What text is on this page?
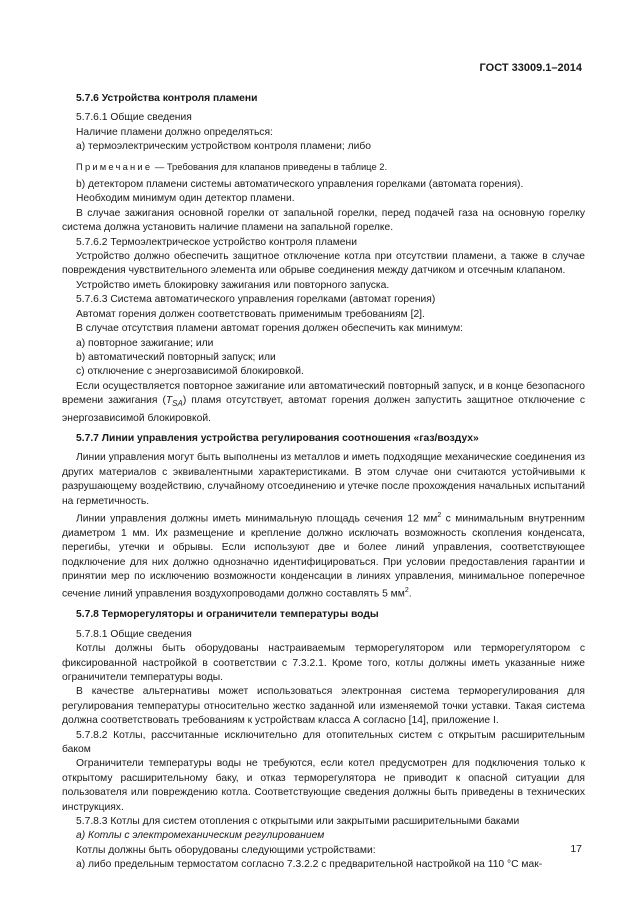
ГОСТ 33009.1–2014
5.7.6 Устройства контроля пламени

5.7.6.1 Общие сведения

Наличие пламени должно определяться:

a) термоэлектрическим устройством контроля пламени; либо

Примечание — Требования для клапанов приведены в таблице 2.

b) детектором пламени системы автоматического управления горелками (автомата горения).

Необходим минимум один детектор пламени.

В случае зажигания основной горелки от запальной горелки, перед подачей газа на основную горелку система должна установить наличие пламени на запальной горелке.

5.7.6.2 Термоэлектрическое устройство контроля пламени

Устройство должно обеспечить защитное отключение котла при отсутствии пламени, а также в случае повреждения чувствительного элемента или обрыве соединения между датчиком и отсечным клапаном.

Устройство иметь блокировку зажигания или повторного запуска.

5.7.6.3 Система автоматического управления горелками (автомат горения)

Автомат горения должен соответствовать применимым требованиям [2].

В случае отсутствия пламени автомат горения должен обеспечить как минимум:

a) повторное зажигание; или

b) автоматический повторный запуск; или

c) отключение с энергозависимой блокировкой.

Если осуществляется повторное зажигание или автоматический повторный запуск, и в конце безопасного времени зажигания $(T_{SA})$ пламя отсутствует, автомат горения должен запустить защитное отключение с энергозависимой блокировкой.

5.7.7 Линии управления устройства регулирования соотношения «газ/воздух»

Линии управления могут быть выполнены из металлов и иметь подходящие механические соединения из других материалов с эквивалентными характеристиками. В этом случае они считаются устойчивыми к разрушающему воздействию, случайному отсоединению и утечке после прохождения начальных испытаний на герметичность.

Линии управления должны иметь минимальную площадь сечения 12 $мм^2$ с минимальным внутренним диаметром 1 мм. Их размещение и крепление должно исключать возможность скопления конденсата, перегибы, утечки и обрывы. Если используют две и более линий управления, соответствующее подключение для них должно однозначно идентифицироваться. При условии предоставления гарантии и принятии мер по исключению возможности конденсации в линиях управления, минимальное поперечное сечение линий управления воздухопроводами должно составлять 5 $мм^2$.

5.7.8 Терморегуляторы и ограничители температуры воды

5.7.8.1 Общие сведения

Котлы должны быть оборудованы настраиваемым терморегулятором или терморегулятором с фиксированной настройкой в соответствии с 7.3.2.1. Кроме того, котлы должны иметь указанные ниже ограничители температуры воды.

В качестве альтернативы может использоваться электронная система терморегулирования для регулирования температуры относительно жестко заданной или изменяемой точки уставки. Такая система должна соответствовать требованиям к устройствам класса А согласно [14], приложение I.

5.7.8.2 Котлы, рассчитанные исключительно для отопительных систем с открытым расширительным баком

Ограничители температуры воды не требуются, если котел предусмотрен для подключения только к открытому расширительному баку, и отказ терморегулятора не приводит к опасной ситуации для пользователя или повреждению котла. Соответствующие сведения должны быть приведены в технических инструкциях.

5.7.8.3 Котлы для систем отопления с открытыми или закрытыми расширительными баками

a) Котлы с электромеханическим регулированием

Котлы должны быть оборудованы следующими устройствами:

a) либо предельным термостатом согласно 7.3.2.2 с предварительной настройкой на 110 °С мак-

17
